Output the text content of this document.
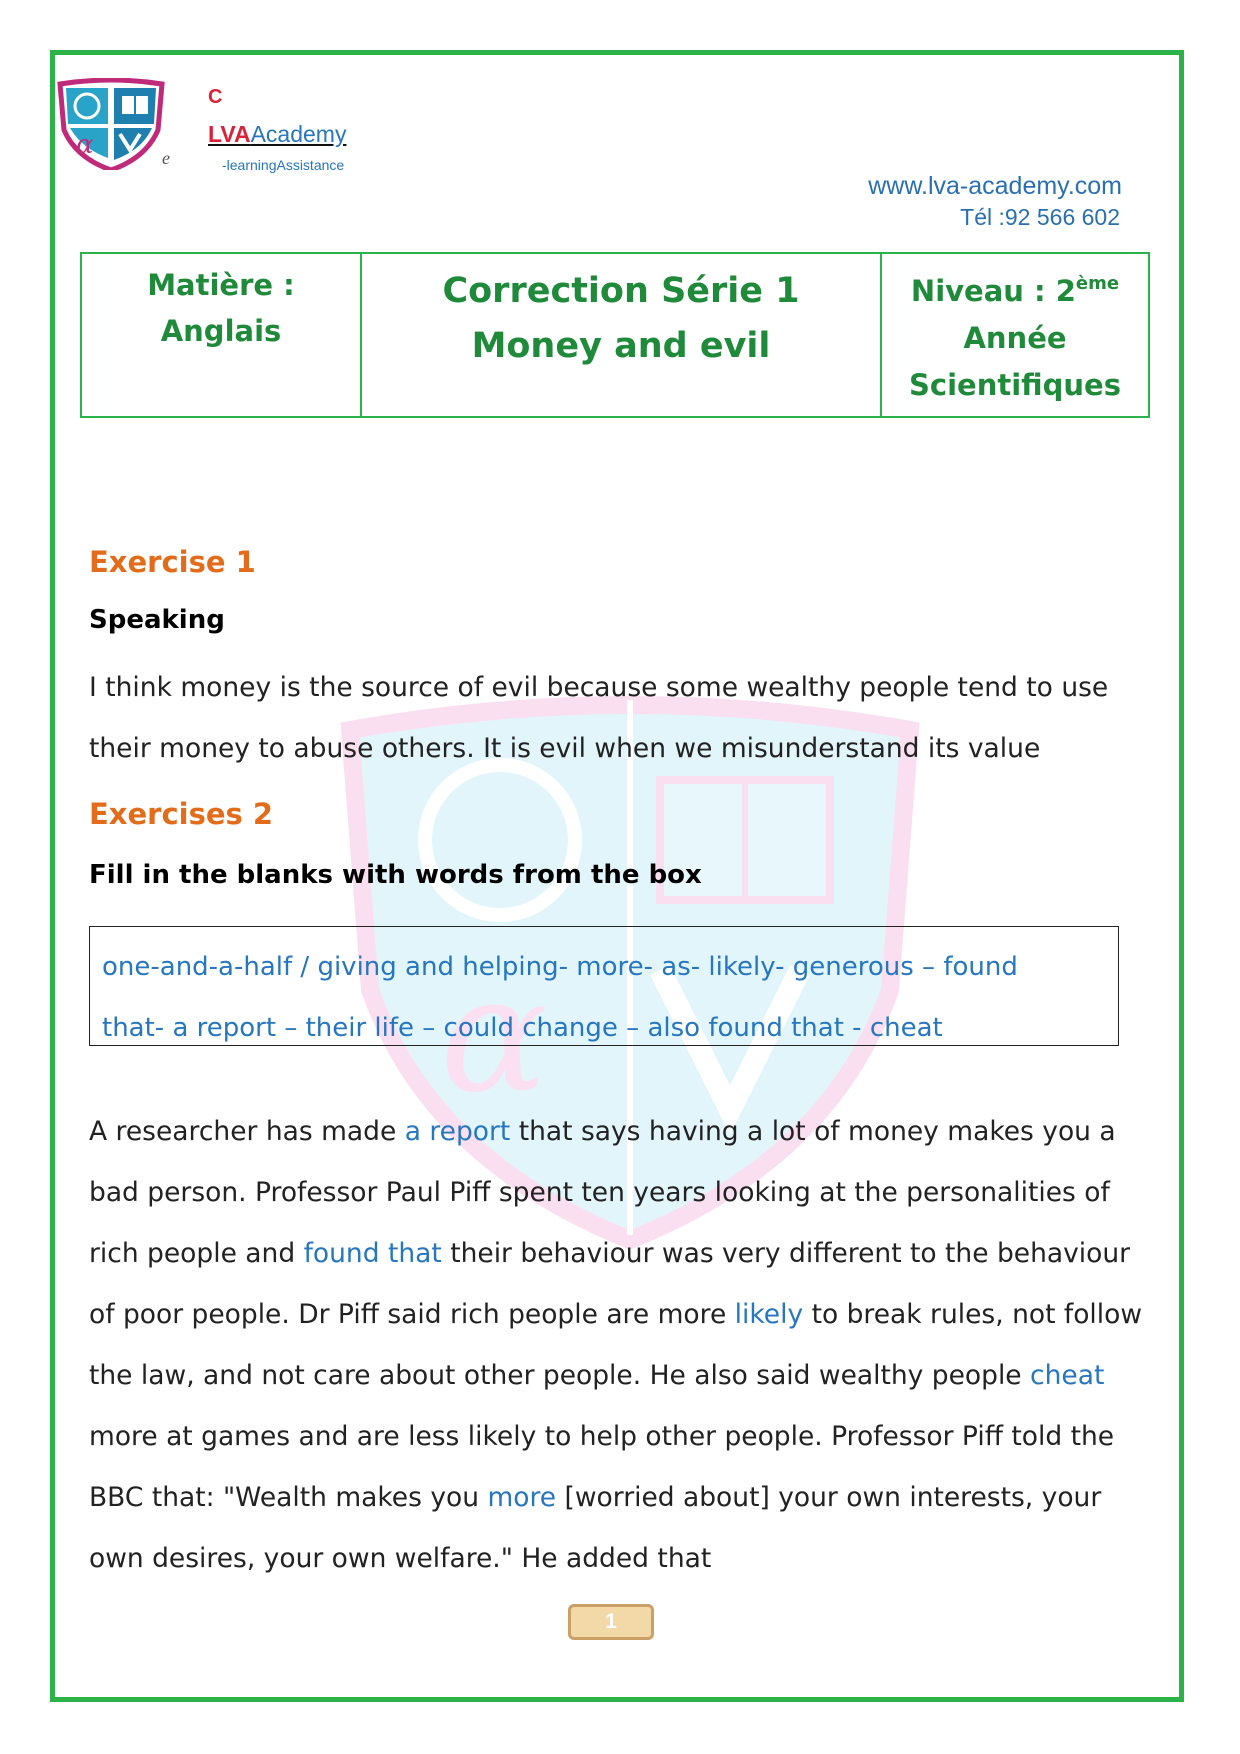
α
α
C
LVAAcademy
e	-learningAssistance
www.lva-academy.com
Tél :92 566 602
Matière :
Anglais

Correction Série 1
Money and evil

Niveau : 2ème
Année
Scientifiques
Exercise 1
Speaking

I think money is the source of evil because some wealthy people tend to use their money to abuse others. It is evil when we misunderstand its value

Exercises 2
Fill in the blanks with words from the box
one-and-a-half / giving and helping- more- as- likely- generous – found
that- a report – their life – could change – also found that - cheat

A researcher has made a report that says having a lot of money makes you a bad person. Professor Paul Piff spent ten years looking at the personalities of rich people and found that their behaviour was very different to the behaviour of poor people. Dr Piff said rich people are more likely to break rules, not follow the law, and not care about other people. He also said wealthy people cheat more at games and are less likely to help other people. Professor Piff told the BBC that: "Wealth makes you more [worried about] your own interests, your own desires, your own welfare." He added that

1
